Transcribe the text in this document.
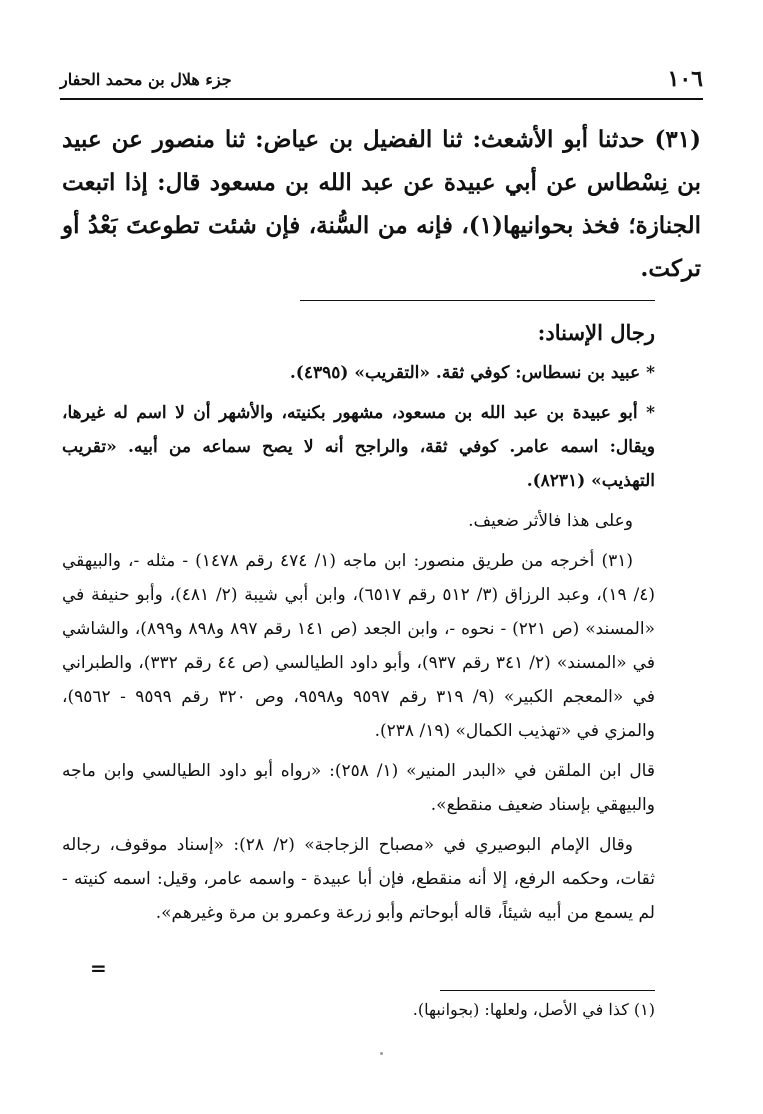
١٠٦
جزء هلال بن محمد الحفار
(٣١) حدثنا أبو الأشعث: ثنا الفضيل بن عياض: ثنا منصور عن عبيد بن نِسْطاس عن أبي عبيدة عن عبد الله بن مسعود قال: إذا اتبعت الجنازة؛ فخذ بحوانيها(١)، فإنه من السُّنة، فإن شئت تطوعتَ بَعْدُ أو تركت.
رجال الإسناد:

* عبيد بن نسطاس: كوفي ثقة. «التقريب» (٤٣٩٥).

* أبو عبيدة بن عبد الله بن مسعود، مشهور بكنيته، والأشهر أن لا اسم له غيرها، ويقال: اسمه عامر. كوفي ثقة، والراجح أنه لا يصح سماعه من أبيه. «تقريب التهذيب» (٨٢٣١).

وعلى هذا فالأثر ضعيف.

(٣١) أخرجه من طريق منصور: ابن ماجه (١/ ٤٧٤ رقم ١٤٧٨) - مثله -، والبيهقي (٤/ ١٩)، وعبد الرزاق (٣/ ٥١٢ رقم ٦٥١٧)، وابن أبي شيبة (٢/ ٤٨١)، وأبو حنيفة في «المسند» (ص ٢٢١) - نحوه -، وابن الجعد (ص ١٤١ رقم ٨٩٧ و٨٩٨ و٨٩٩)، والشاشي في «المسند» (٢/ ٣٤١ رقم ٩٣٧)، وأبو داود الطيالسي (ص ٤٤ رقم ٣٣٢)، والطبراني في «المعجم الكبير» (٩/ ٣١٩ رقم ٩٥٩٧ و٩٥٩٨، وص ٣٢٠ رقم ٩٥٩٩ - ٩٥٦٢)، والمزي في «تهذيب الكمال» (١٩/ ٢٣٨).

قال ابن الملقن في «البدر المنير» (١/ ٢٥٨): «رواه أبو داود الطيالسي وابن ماجه والبيهقي بإسناد ضعيف منقطع».

وقال الإمام البوصيري في «مصباح الزجاجة» (٢/ ٢٨): «إسناد موقوف، رجاله ثقات، وحكمه الرفع، إلا أنه منقطع، فإن أبا عبيدة - واسمه عامر، وقيل: اسمه كنيته - لم يسمع من أبيه شيئاً، قاله أبوحاتم وأبو زرعة وعمرو بن مرة وغيرهم».

=
(١) كذا في الأصل، ولعلها: (بجوانبها).
